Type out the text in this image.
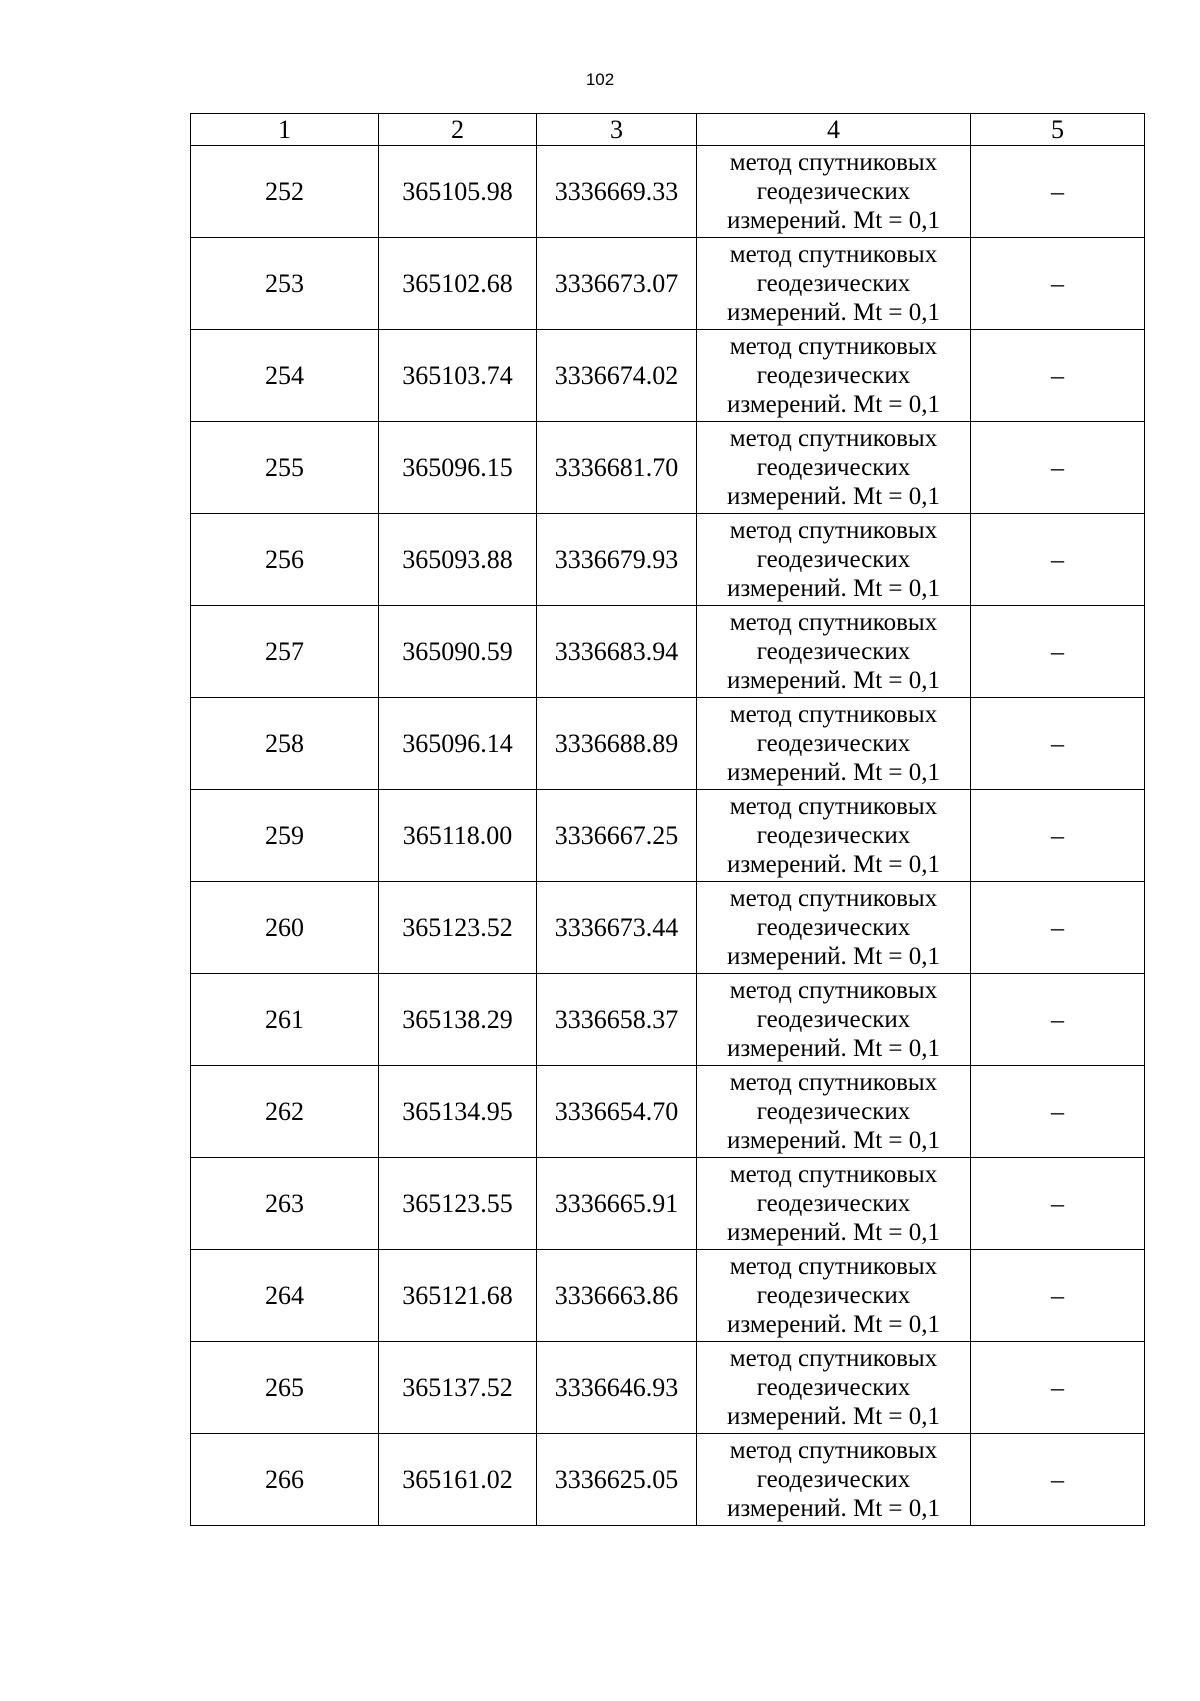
102
1	2	3	4	5
252	365105.98	3336669.33	метод спутниковых
геодезических
измерений. Mt = 0,1	–
253	365102.68	3336673.07	метод спутниковых
геодезических
измерений. Mt = 0,1	–
254	365103.74	3336674.02	метод спутниковых
геодезических
измерений. Mt = 0,1	–
255	365096.15	3336681.70	метод спутниковых
геодезических
измерений. Mt = 0,1	–
256	365093.88	3336679.93	метод спутниковых
геодезических
измерений. Mt = 0,1	–
257	365090.59	3336683.94	метод спутниковых
геодезических
измерений. Mt = 0,1	–
258	365096.14	3336688.89	метод спутниковых
геодезических
измерений. Mt = 0,1	–
259	365118.00	3336667.25	метод спутниковых
геодезических
измерений. Mt = 0,1	–
260	365123.52	3336673.44	метод спутниковых
геодезических
измерений. Mt = 0,1	–
261	365138.29	3336658.37	метод спутниковых
геодезических
измерений. Mt = 0,1	–
262	365134.95	3336654.70	метод спутниковых
геодезических
измерений. Mt = 0,1	–
263	365123.55	3336665.91	метод спутниковых
геодезических
измерений. Mt = 0,1	–
264	365121.68	3336663.86	метод спутниковых
геодезических
измерений. Mt = 0,1	–
265	365137.52	3336646.93	метод спутниковых
геодезических
измерений. Mt = 0,1	–
266	365161.02	3336625.05	метод спутниковых
геодезических
измерений. Mt = 0,1	–
